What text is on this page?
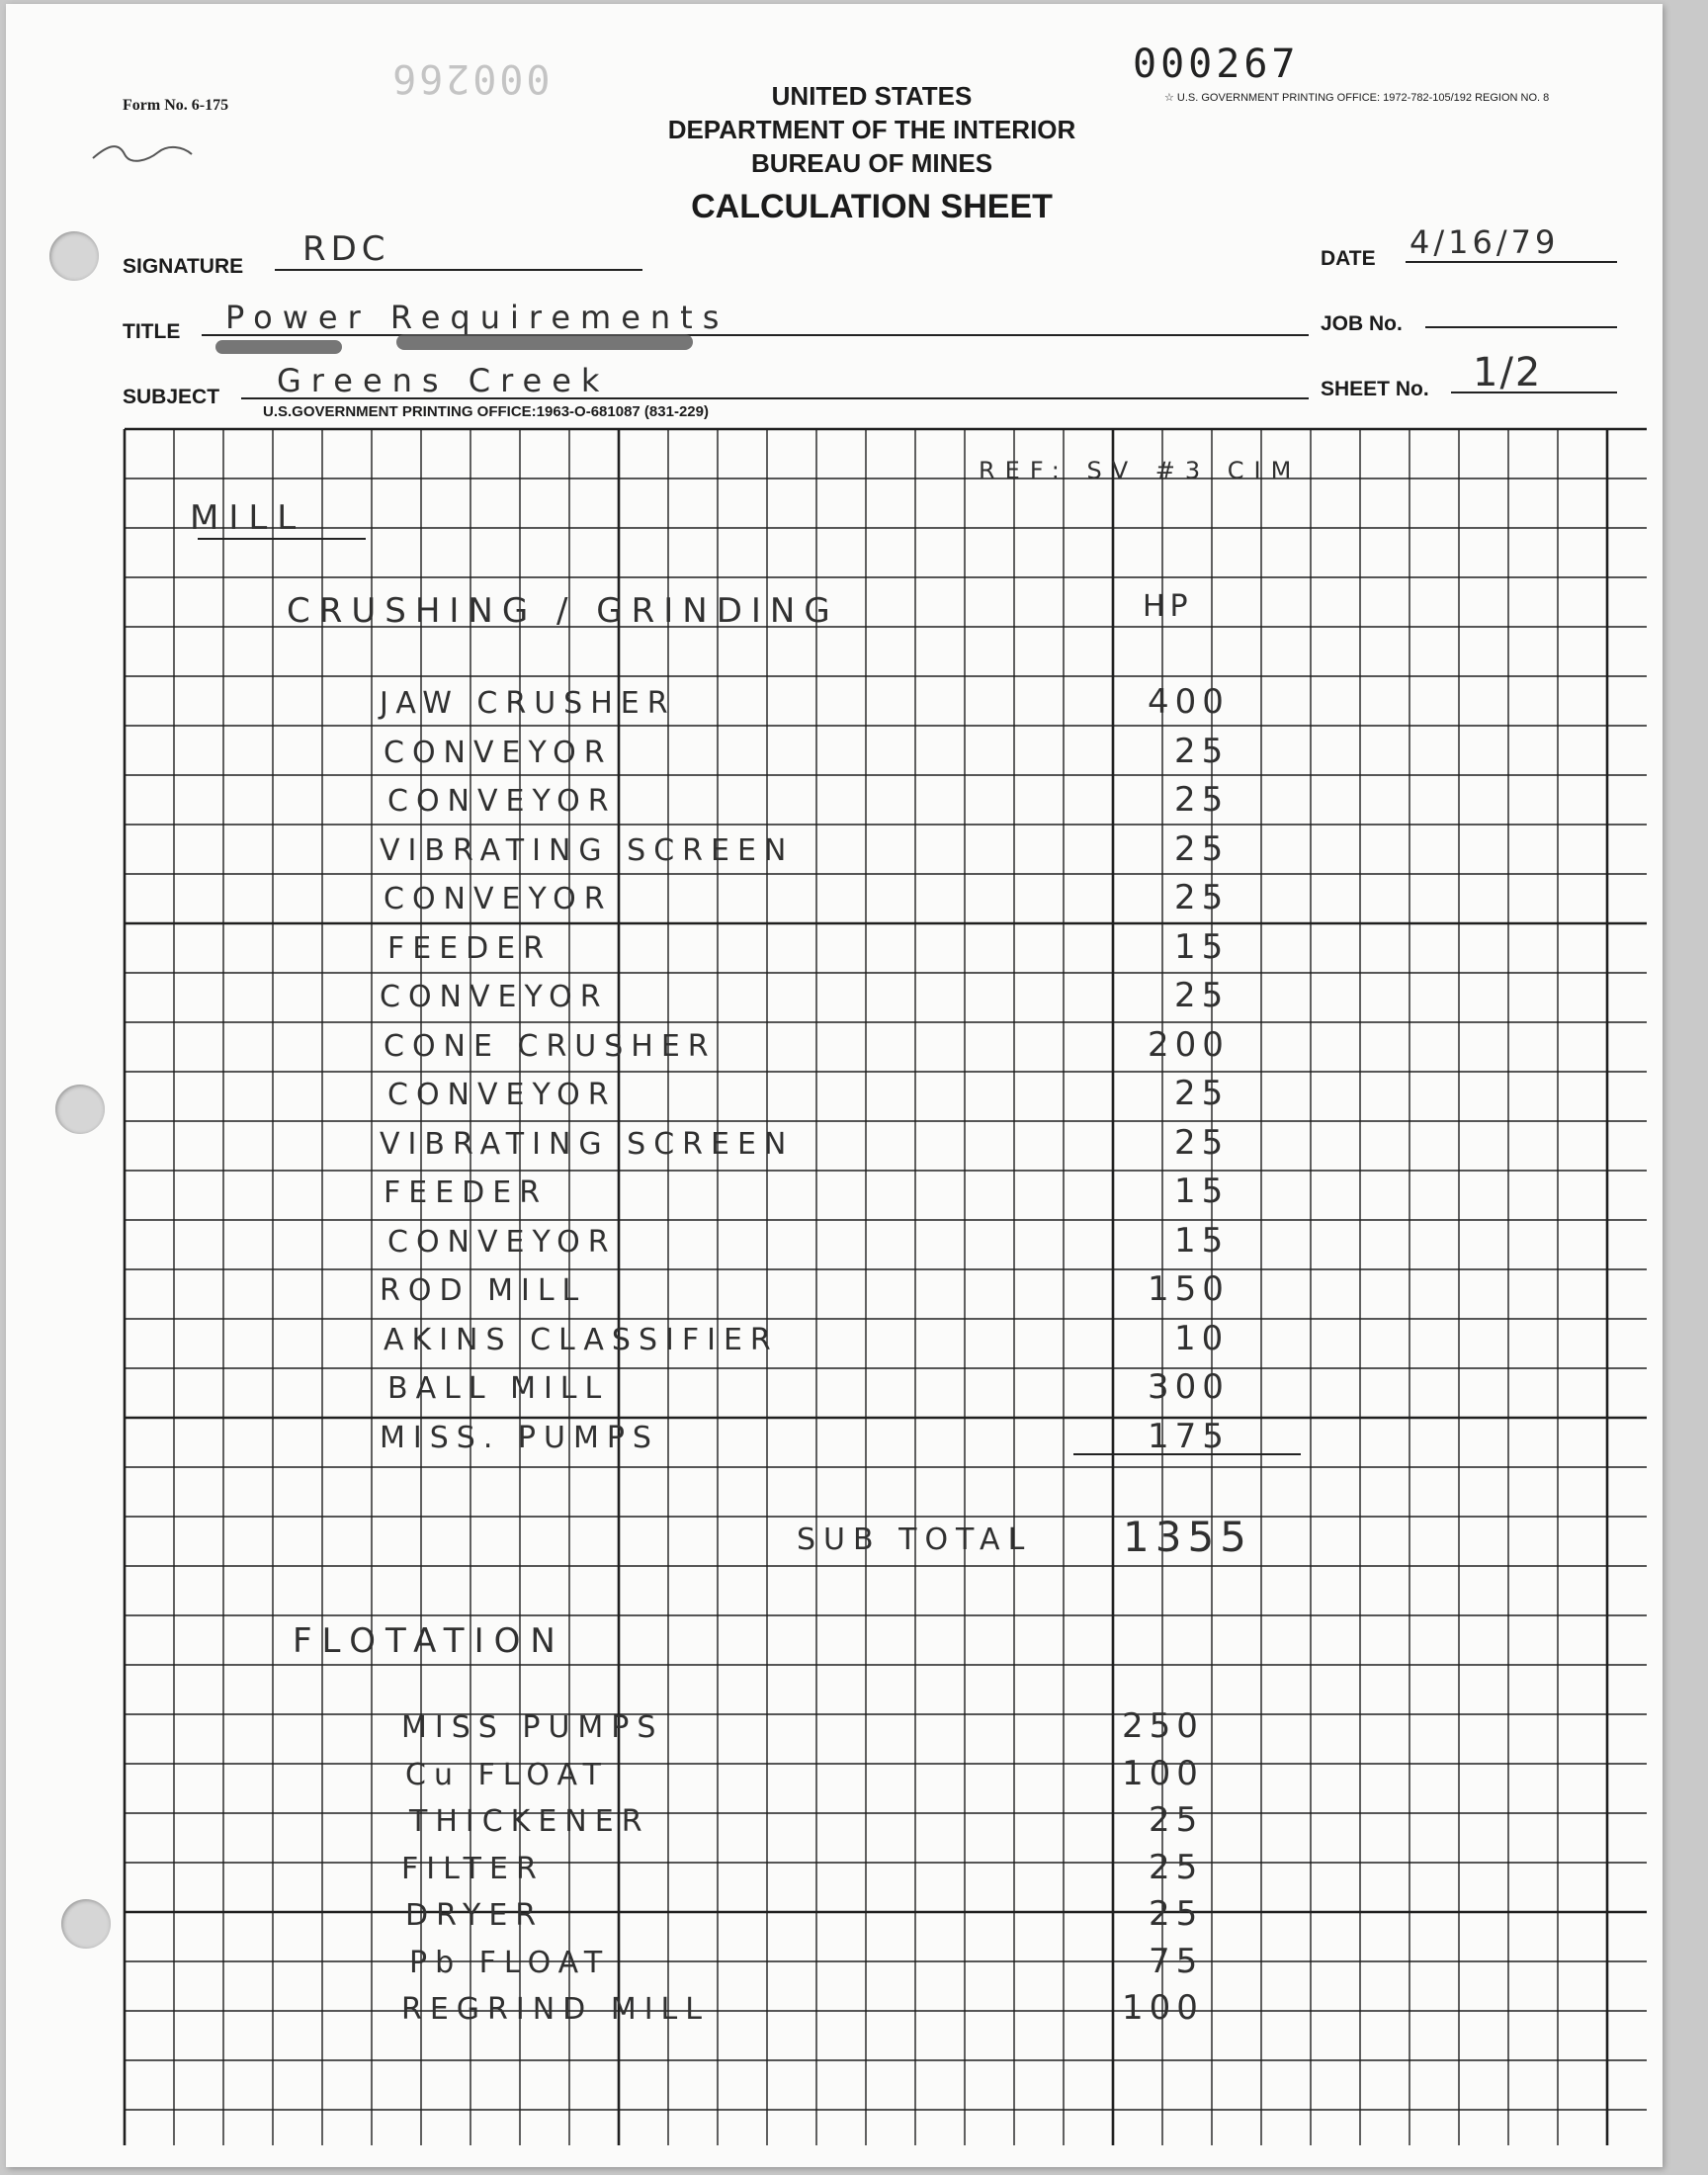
Form No. 6-175
000266	000267
☆ U.S. GOVERNMENT PRINTING OFFICE: 1972-782-105/192 REGION NO. 8
UNITED STATES
DEPARTMENT OF THE INTERIOR
BUREAU OF MINES
CALCULATION SHEET
SIGNATURE RDC
TITLE Power Requirements
SUBJECT Greens Creek
U.S.GOVERNMENT PRINTING OFFICE:1963-O-681087 (831-229)
DATE 4/16/79
JOB No.
SHEET No. 1/2
REF: SV #3 CIM
MILL
CRUSHING / GRINDING	HP
JAW CRUSHER	400
CONVEYOR	25
CONVEYOR	25
VIBRATING SCREEN	25
CONVEYOR	25
FEEDER	15
CONVEYOR	25
CONE CRUSHER	200
CONVEYOR	25
VIBRATING SCREEN	25
FEEDER	15
CONVEYOR	15
ROD MILL	150
AKINS CLASSIFIER	10
BALL MILL	300
MISS. PUMPS	175
SUB TOTAL 1355
FLOTATION
MISS PUMPS	250
Cu FLOAT	100
THICKENER	25
FILTER	25
DRYER	25
Pb FLOAT	75
REGRIND MILL	100
